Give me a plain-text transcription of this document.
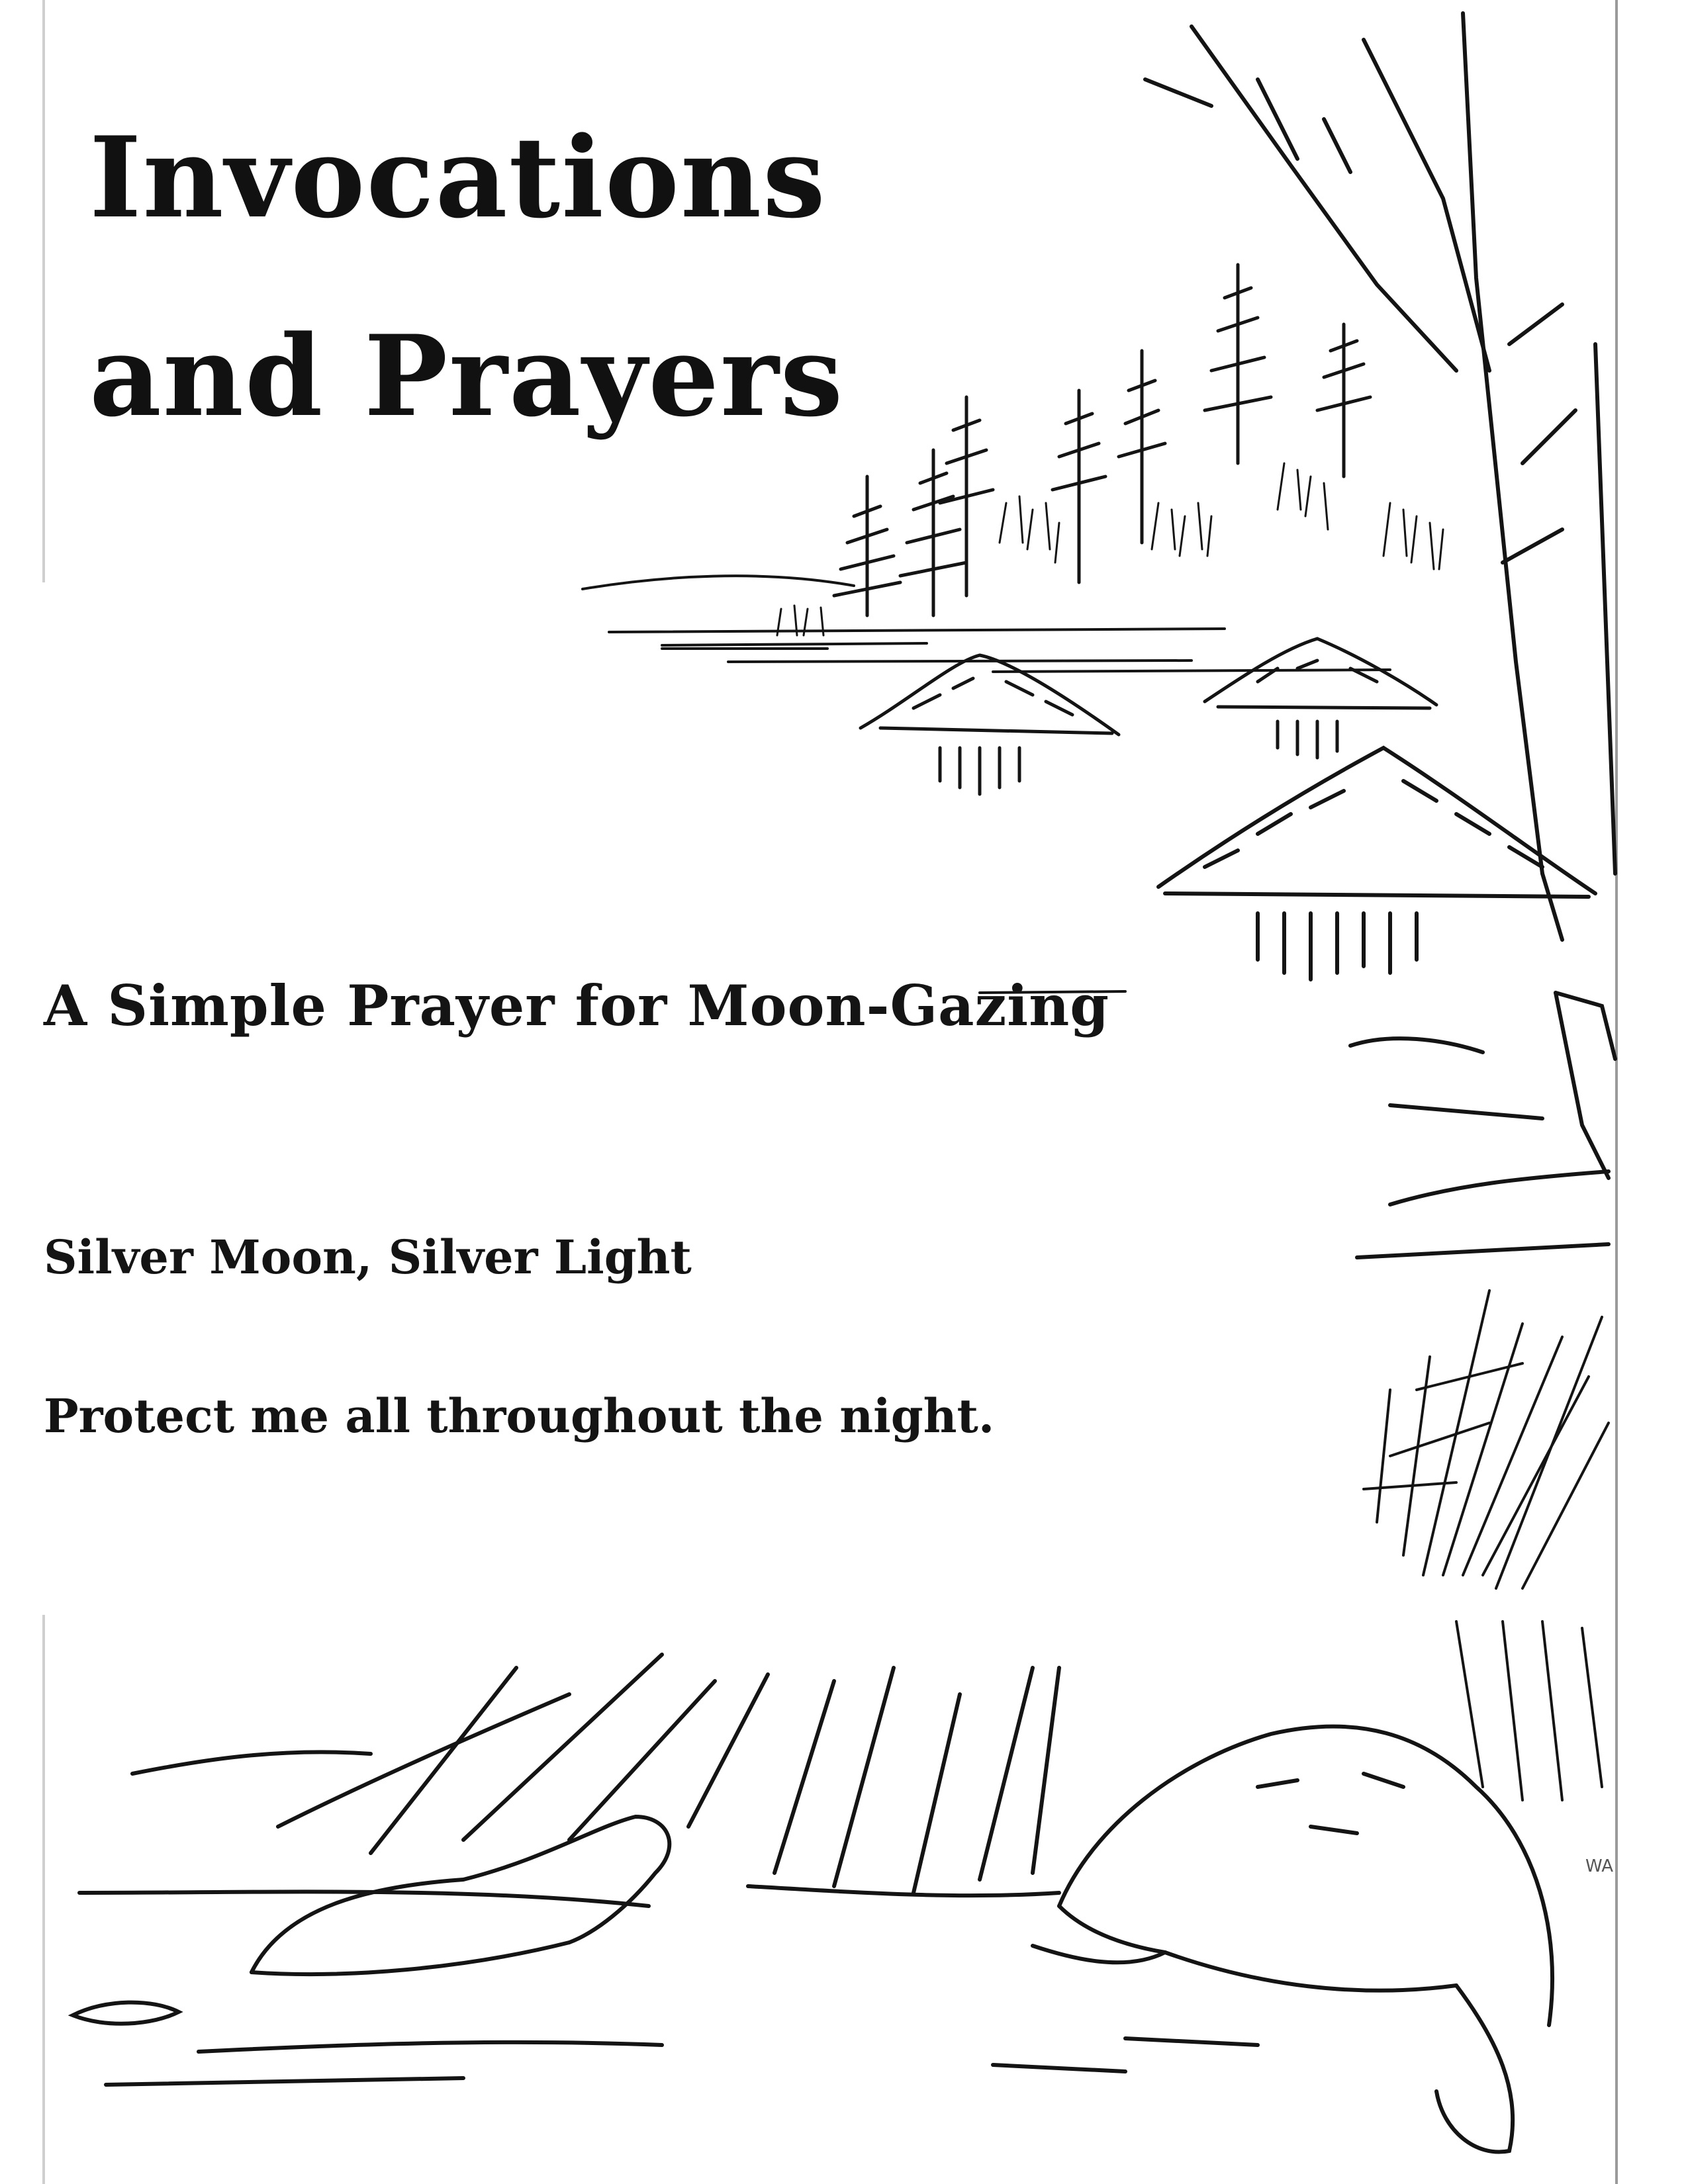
Invocations
and Prayers
A Simple Prayer for Moon-Gazing

Silver Moon, Silver Light

Protect me all throughout the night.

WA
